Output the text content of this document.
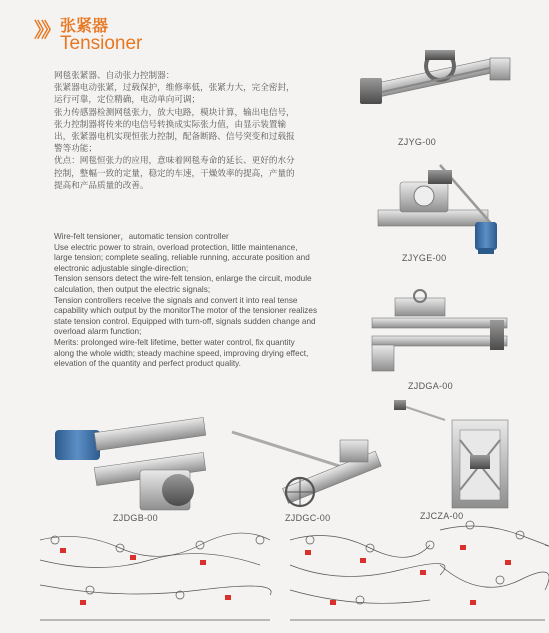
》》 张紧器
Tensioner
网毯张紧器、自动张力控制器：
张紧器电动张紧，过载保护，维修率低，张紧力大，完全密封，
运行可靠，定位精确，电动单向可调；
张力传感器检测网毯张力，放大电路，模块计算，输出电信号，
张力控制器将传来的电信号转换成实际张力值，由显示装置输
出，张紧器电机实现恒张力控制，配备断路、信号突变和过载报
警等功能；
优点：网毯恒张力的应用，意味着网毯寿命的延长、更好的水分
控制，整幅一致的定量，稳定的车速，干燥效率的提高，产量的
提高和产品质量的改善。
Wire-felt tensioner，automatic tension controller
Use electric power to strain, overload protection, little maintenance,
large tension; complete sealing, reliable running, accurate position and
electronic adjustable single-direction;
Tension sensors detect the wire-felt tension, enlarge the circuit, module
calculation, then output the electric signals;
Tension controllers receive the signals and convert it into real tense
capability which output by the monitorThe motor of the tensioner realizes
state tension control. Equipped with turn-off, signals sudden change and
overload alarm function;
Merits: prolonged wire-felt lifetime, better water control, fix quantity
along the whole width; steady machine speed, improving drying effect,
elevation of the quantity and perfect product quality.
ZJYG-00
ZJYGE-00
ZJDGA-00
ZJDGB-00	ZJDGC-00	ZJCZA-00
